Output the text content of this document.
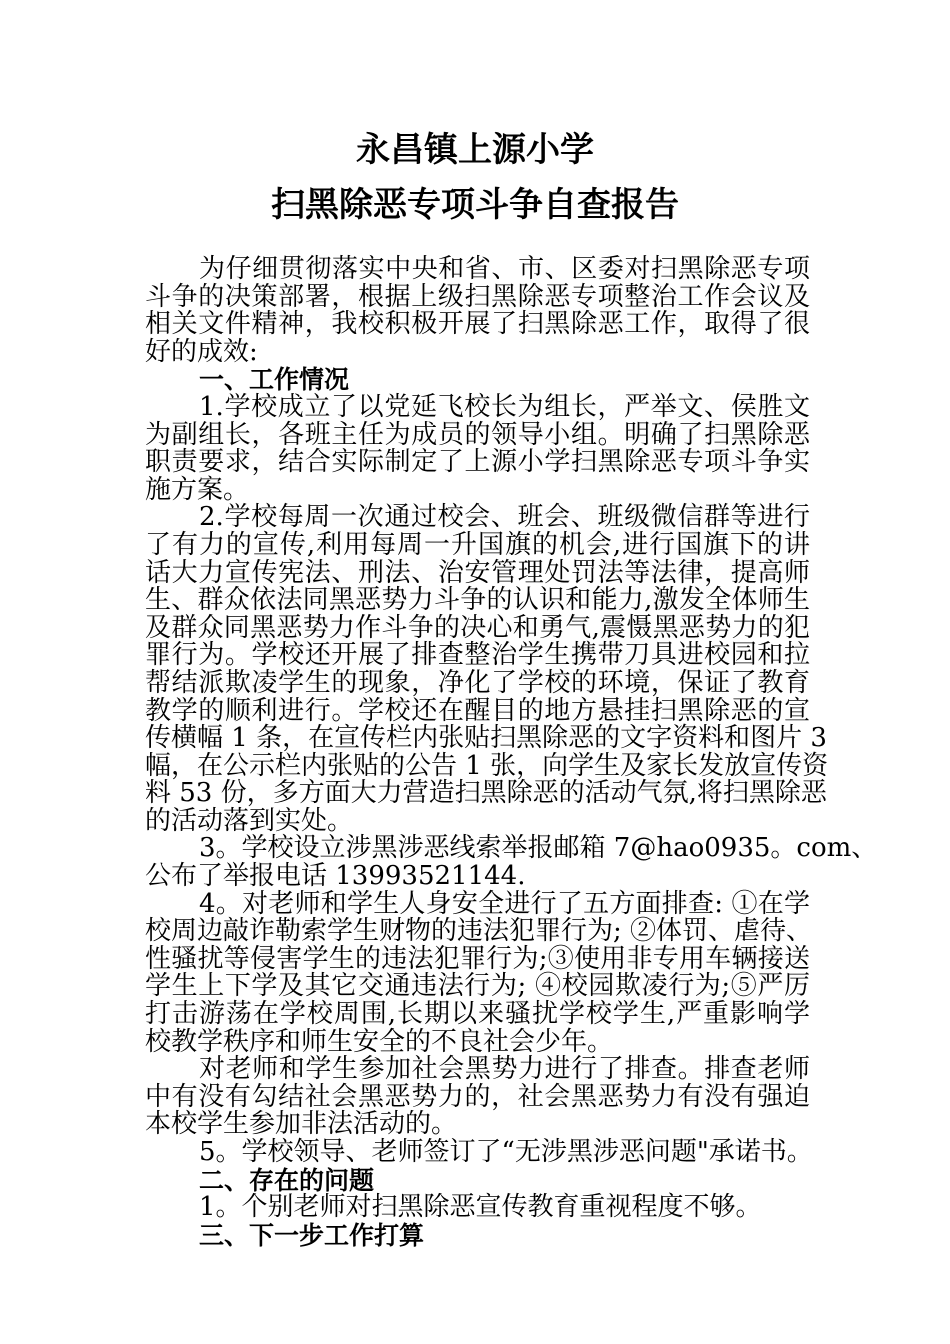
永昌镇上源小学
扫黑除恶专项斗争自查报告
为仔细贯彻落实中央和省、市、区委对扫黑除恶专项
斗争的决策部署，根据上级扫黑除恶专项整治工作会议及
相关文件精神，我校积极开展了扫黑除恶工作，取得了很
好的成效:
一、工作情况
1.学校成立了以党延飞校长为组长，严举文、侯胜文
为副组长，各班主任为成员的领导小组。明确了扫黑除恶
职责要求，结合实际制定了上源小学扫黑除恶专项斗争实
施方案。
2.学校每周一次通过校会、班会、班级微信群等进行
了有力的宣传,利用每周一升国旗的机会,进行国旗下的讲
话大力宣传宪法、刑法、治安管理处罚法等法律，提高师
生、群众依法同黑恶势力斗争的认识和能力,激发全体师生
及群众同黑恶势力作斗争的决心和勇气,震慑黑恶势力的犯
罪行为。学校还开展了排查整治学生携带刀具进校园和拉
帮结派欺凌学生的现象，净化了学校的环境，保证了教育
教学的顺利进行。学校还在醒目的地方悬挂扫黑除恶的宣
传横幅 1 条，在宣传栏内张贴扫黑除恶的文字资料和图片 3
幅，在公示栏内张贴的公告 1 张，向学生及家长发放宣传资
料 53 份，多方面大力营造扫黑除恶的活动气氛,将扫黑除恶
的活动落到实处。
3。学校设立涉黑涉恶线索举报邮箱 7@hao0935。com、
公布了举报电话 13993521144.
4。对老师和学生人身安全进行了五方面排查: ①在学
校周边敲诈勒索学生财物的违法犯罪行为; ②体罚、虐待、
性骚扰等侵害学生的违法犯罪行为;③使用非专用车辆接送
学生上下学及其它交通违法行为; ④校园欺凌行为;⑤严厉
打击游荡在学校周围,长期以来骚扰学校学生,严重影响学
校教学秩序和师生安全的不良社会少年。
对老师和学生参加社会黑势力进行了排查。排查老师
中有没有勾结社会黑恶势力的，社会黑恶势力有没有强迫
本校学生参加非法活动的。
5。学校领导、老师签订了“无涉黑涉恶问题"承诺书。
二、存在的问题
1。个别老师对扫黑除恶宣传教育重视程度不够。
三、下一步工作打算
